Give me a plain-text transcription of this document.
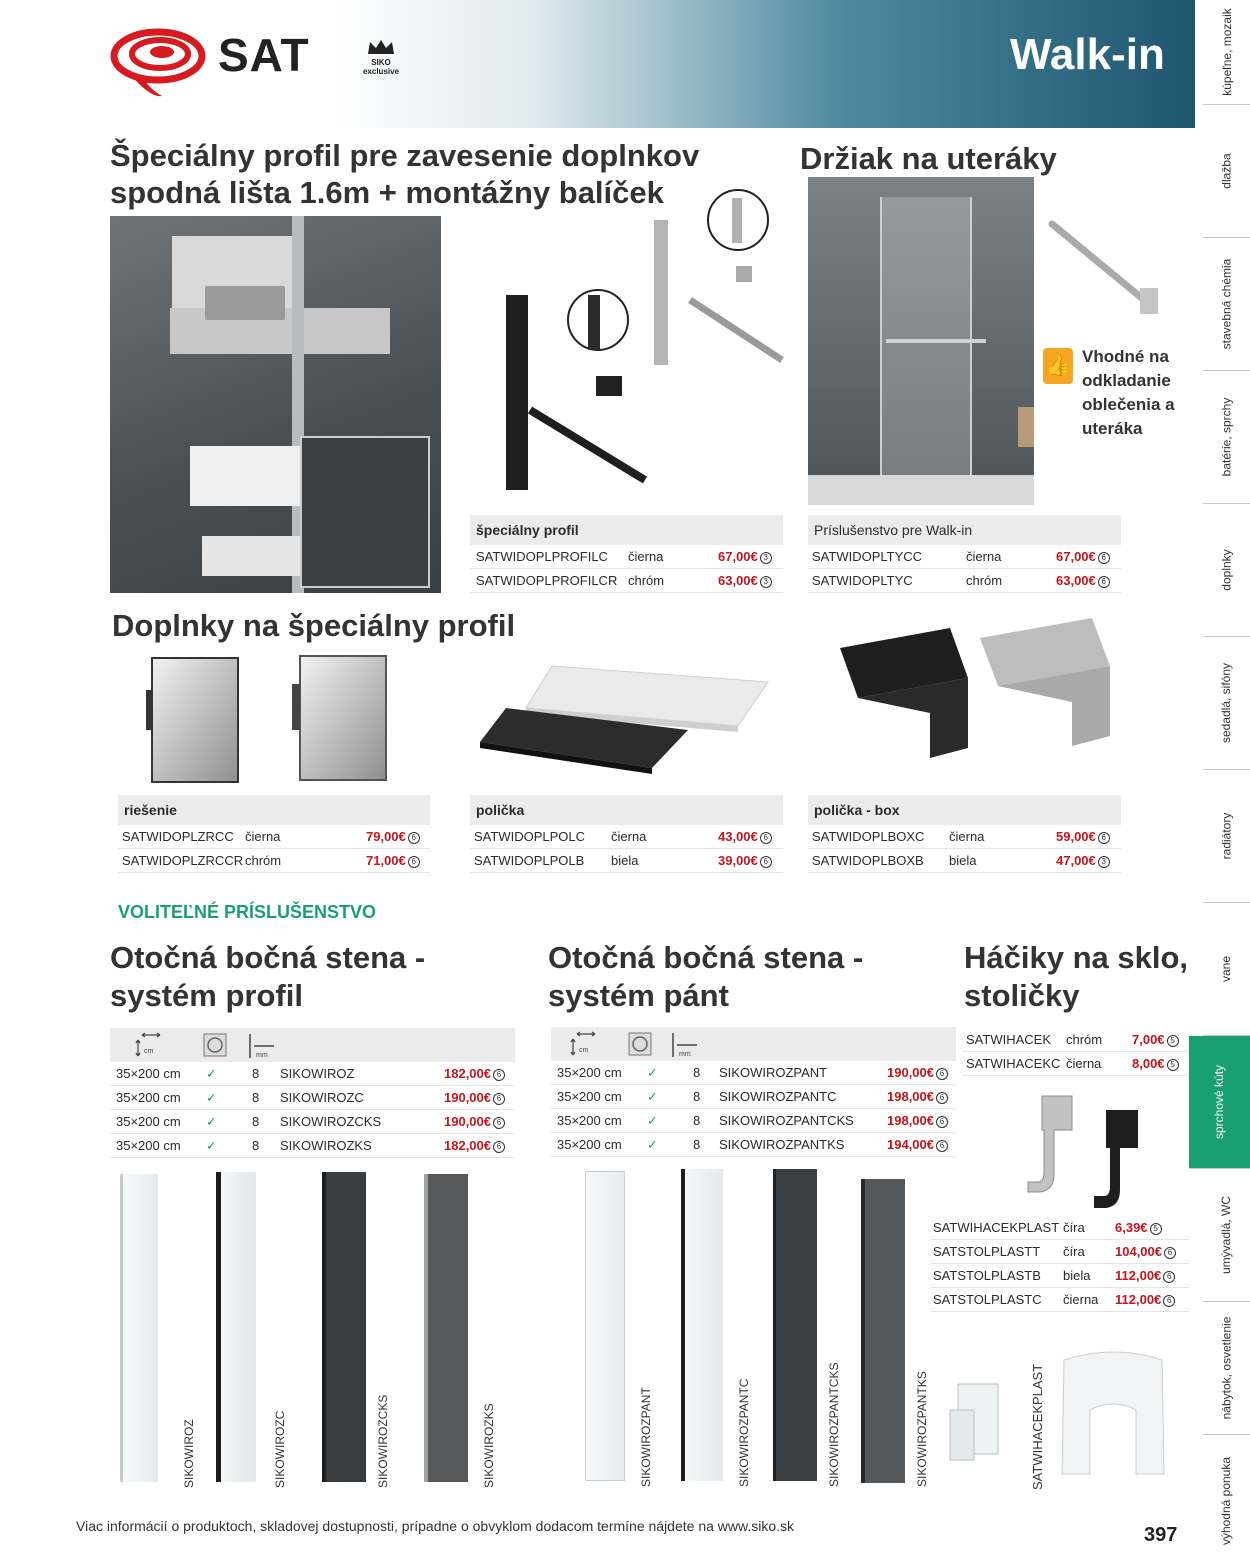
SAT	SIKO
exclusive	Walk-in	kúpeľne, mozaik
dlažba
stavebná chémia
batérie, sprchy
doplnky
sedadlá, sifóny
radiátory
vane
sprchové kúty
umývadlá, WC
nábytok, osvetlenie
výhodná ponuka
Špeciálny profil pre zavesenie doplnkov
spodná lišta 1.6m + montážny balíček
špeciálny profil
SATWIDOPLPROFILC čierna	67,00€ 3
SATWIDOPLPROFILCR chróm	63,00€ 3
Držiak na uteráky
👍 Vhodné na odkladanie oblečenia a uteráka
Príslušenstvo pre Walk-in
SATWIDOPLTYCC	čierna	67,00€ 6
SATWIDOPLTYC	chróm	63,00€ 6
Doplnky na špeciálny profil
riešenie
SATWIDOPLZRCC čierna	79,00€ 6
SATWIDOPLZRCCR chróm	71,00€ 6
polička
SATWIDOPLPOLC čierna	43,00€ 6
SATWIDOPLPOLB biela	39,00€ 6
polička - box
SATWIDOPLBOXC čierna	59,00€ 6
SATWIDOPLBOXB biela	47,00€ 3
VOLITEĽNÉ PRÍSLUŠENSTVO
Otočná bočná stena -
systém profil
cm
mm
35×200 cm ✓	8 SIKOWIROZ	182,00€ 6
35×200 cm ✓	8 SIKOWIROZC	190,00€ 6
35×200 cm ✓	8 SIKOWIROZCKS	190,00€ 6
35×200 cm ✓	8 SIKOWIROZKS	182,00€ 6
SIKOWIROZ	SIKOWIROZC	SIKOWIROZCKS	SIKOWIROZKS
Otočná bočná stena -
systém pánt
cm
mm
35×200 cm ✓	8 SIKOWIROZPANT	190,00€ 6
35×200 cm ✓	8 SIKOWIROZPANTC	198,00€ 6
35×200 cm ✓	8 SIKOWIROZPANTCKS	198,00€ 6
35×200 cm ✓	8 SIKOWIROZPANTKS	194,00€ 6
SIKOWIROZPANT	SIKOWIROZPANTC	SIKOWIROZPANTCKS	SIKOWIROZPANTKS
Háčiky na sklo,
stoličky
SATWIHACEK chróm 7,00€ 5
SATWIHACEKC čierna 8,00€ 5
SATWIHACEKPLAST číra 6,39€ 5
SATSTOLPLASTT číra 104,00€ 6
SATSTOLPLASTB biela 112,00€ 6
SATSTOLPLASTC čierna 112,00€ 6
SATWIHACEKPLAST
Viac informácií o produktoch, skladovej dostupnosti, prípadne o obvyklom dodacom termíne nájdete na www.siko.sk	397
